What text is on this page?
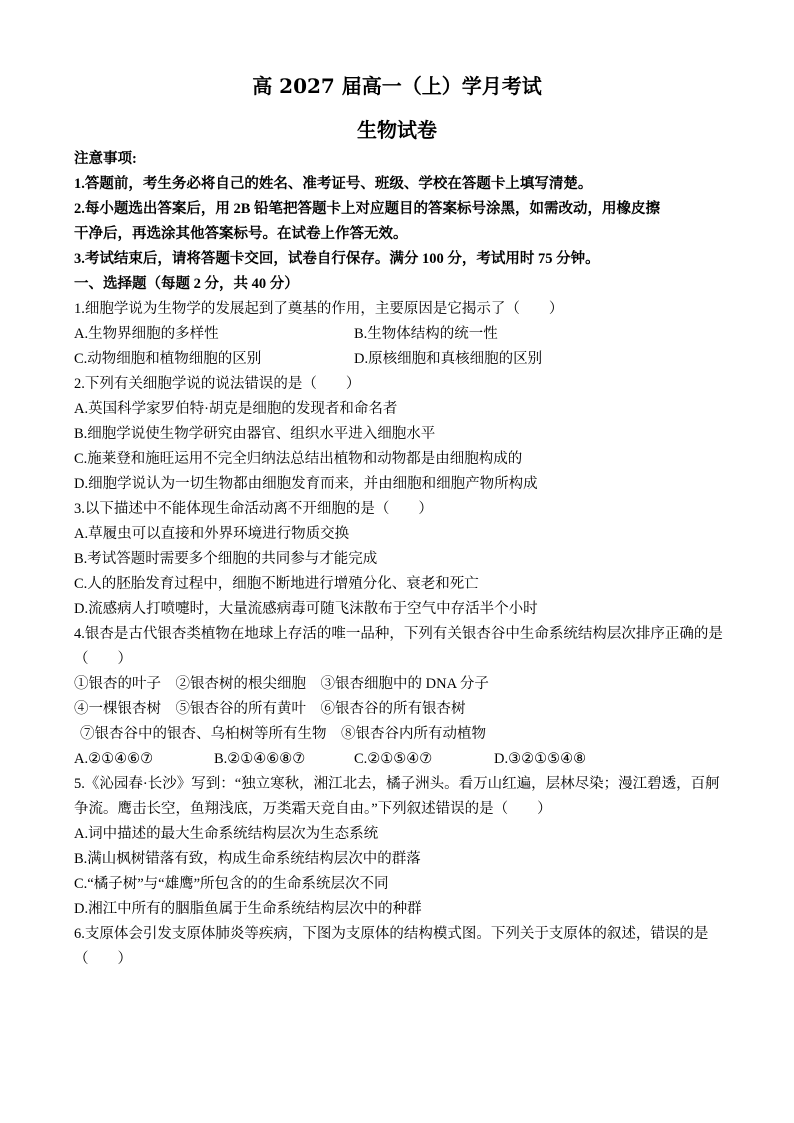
高 2027 届高一（上）学月考试
生物试卷
注意事项:
1.答题前，考生务必将自己的姓名、准考证号、班级、学校在答题卡上填写清楚。
2.每小题选出答案后，用 2B 铅笔把答题卡上对应题目的答案标号涂黑，如需改动，用橡皮擦
干净后，再选涂其他答案标号。在试卷上作答无效。
3.考试结束后，请将答题卡交回，试卷自行保存。满分 100 分，考试用时 75 分钟。
一、选择题（每题 2 分，共 40 分）
1.细胞学说为生物学的发展起到了奠基的作用，主要原因是它揭示了（　　）
A.生物界细胞的多样性	B.生物体结构的统一性
C.动物细胞和植物细胞的区别	D.原核细胞和真核细胞的区别
2.下列有关细胞学说的说法错误的是（　　）
A.英国科学家罗伯特·胡克是细胞的发现者和命名者
B.细胞学说使生物学研究由器官、组织水平进入细胞水平
C.施莱登和施旺运用不完全归纳法总结出植物和动物都是由细胞构成的
D.细胞学说认为一切生物都由细胞发育而来，并由细胞和细胞产物所构成
3.以下描述中不能体现生命活动离不开细胞的是（　　）
A.草履虫可以直接和外界环境进行物质交换
B.考试答题时需要多个细胞的共同参与才能完成
C.人的胚胎发育过程中，细胞不断地进行增殖分化、衰老和死亡
D.流感病人打喷嚏时，大量流感病毒可随飞沫散布于空气中存活半个小时
4.银杏是古代银杏类植物在地球上存活的唯一品种，下列有关银杏谷中生命系统结构层次排序正确的是
（　　）
①银杏的叶子　②银杏树的根尖细胞　③银杏细胞中的 DNA 分子
④一棵银杏树　⑤银杏谷的所有黄叶　⑥银杏谷的所有银杏树
⑦银杏谷中的银杏、乌桕树等所有生物　⑧银杏谷内所有动植物
A.②①④⑥⑦	B.②①④⑥⑧⑦	C.②①⑤④⑦	D.③②①⑤④⑧
5.《沁园春·长沙》写到：“独立寒秋，湘江北去，橘子洲头。看万山红遍，层林尽染；漫江碧透，百舸
争流。鹰击长空，鱼翔浅底，万类霜天竞自由。”下列叙述错误的是（　　）
A.词中描述的最大生命系统结构层次为生态系统
B.满山枫树错落有致，构成生命系统结构层次中的群落
C.“橘子树”与“雄鹰”所包含的的生命系统层次不同
D.湘江中所有的胭脂鱼属于生命系统结构层次中的种群
6.支原体会引发支原体肺炎等疾病，下图为支原体的结构模式图。下列关于支原体的叙述，错误的是
（　　）
